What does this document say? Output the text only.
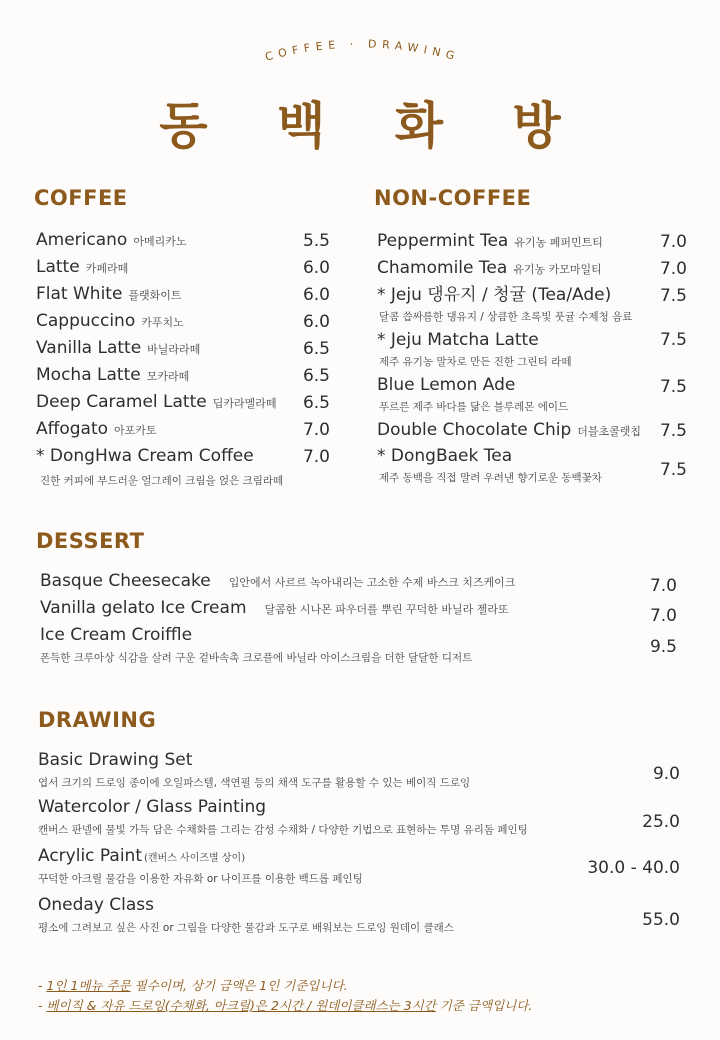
COFFEE · DRAWING
동 백 화 방
COFFEE
Americano 아메리카노	5.5
Latte 카페라떼	6.0
Flat White 플랫화이트	6.0
Cappuccino 카푸치노	6.0
Vanilla Latte 바닐라라떼	6.5
Mocha Latte 모카라떼	6.5
Deep Caramel Latte 딥카라멜라떼 6.5
Affogato 아포카토	7.0
* DongHwa Cream Coffee	7.0
진한 커피에 부드러운 얼그레이 크림을 얹은 크림라떼
NON-COFFEE
Peppermint Tea 유기농 페퍼민트티	7.0
Chamomile Tea 유기농 카모마일티	7.0
* Jeju 댕유지 / 청귤 (Tea/Ade)
달콤 씁싸름한 댕유지 / 상큼한 초록빛 풋귤 수제청 음료
7.5
* Jeju Matcha Latte
제주 유기농 말차로 만든 진한 그린티 라떼
7.5
Blue Lemon Ade
푸르른 제주 바다를 닮은 블루레몬 에이드
7.5
Double Chocolate Chip 더블초콜렛칩 7.5
* DongBaek Tea
제주 동백을 직접 말려 우려낸 향기로운 동백꽃차	7.5
DESSERT
Basque Cheesecake 입안에서 사르르 녹아내리는 고소한 수제 바스크 치즈케이크	7.0
Vanilla gelato Ice Cream 달콤한 시나몬 파우더를 뿌린 꾸덕한 바닐라 젤라또	7.0
Ice Cream Croiffle
폰득한 크루아상 식감을 살려 구운 겉바속촉 크로플에 바닐라 아이스크림을 더한 달달한 디저트
9.5
DRAWING
Basic Drawing Set
엽서 크기의 드로잉 종이에 오일파스텔, 색연필 등의 채색 도구를 활용할 수 있는 베이직 드로잉	9.0
Watercolor / Glass Painting
캔버스 판넬에 물빛 가득 담은 수채화를 그리는 감성 수채화 / 다양한 기법으로 표현하는 투명 유리돔 페인팅	25.0
Acrylic Paint (캔버스 사이즈별 상이)
꾸덕한 아크릴 물감을 이용한 자유화 or 나이프를 이용한 백드롭 페인팅
30.0 - 40.0
Oneday Class
평소에 그려보고 싶은 사진 or 그림을 다양한 물감과 도구로 배워보는 드로잉 원데이 클래스	55.0
- 1인 1메뉴 주문 필수이며, 상기 금액은 1인 기준입니다.
- 베이직 & 자유 드로잉(수채화, 아크릴)은 2시간 / 원데이클래스는 3시간 기준 금액입니다.
